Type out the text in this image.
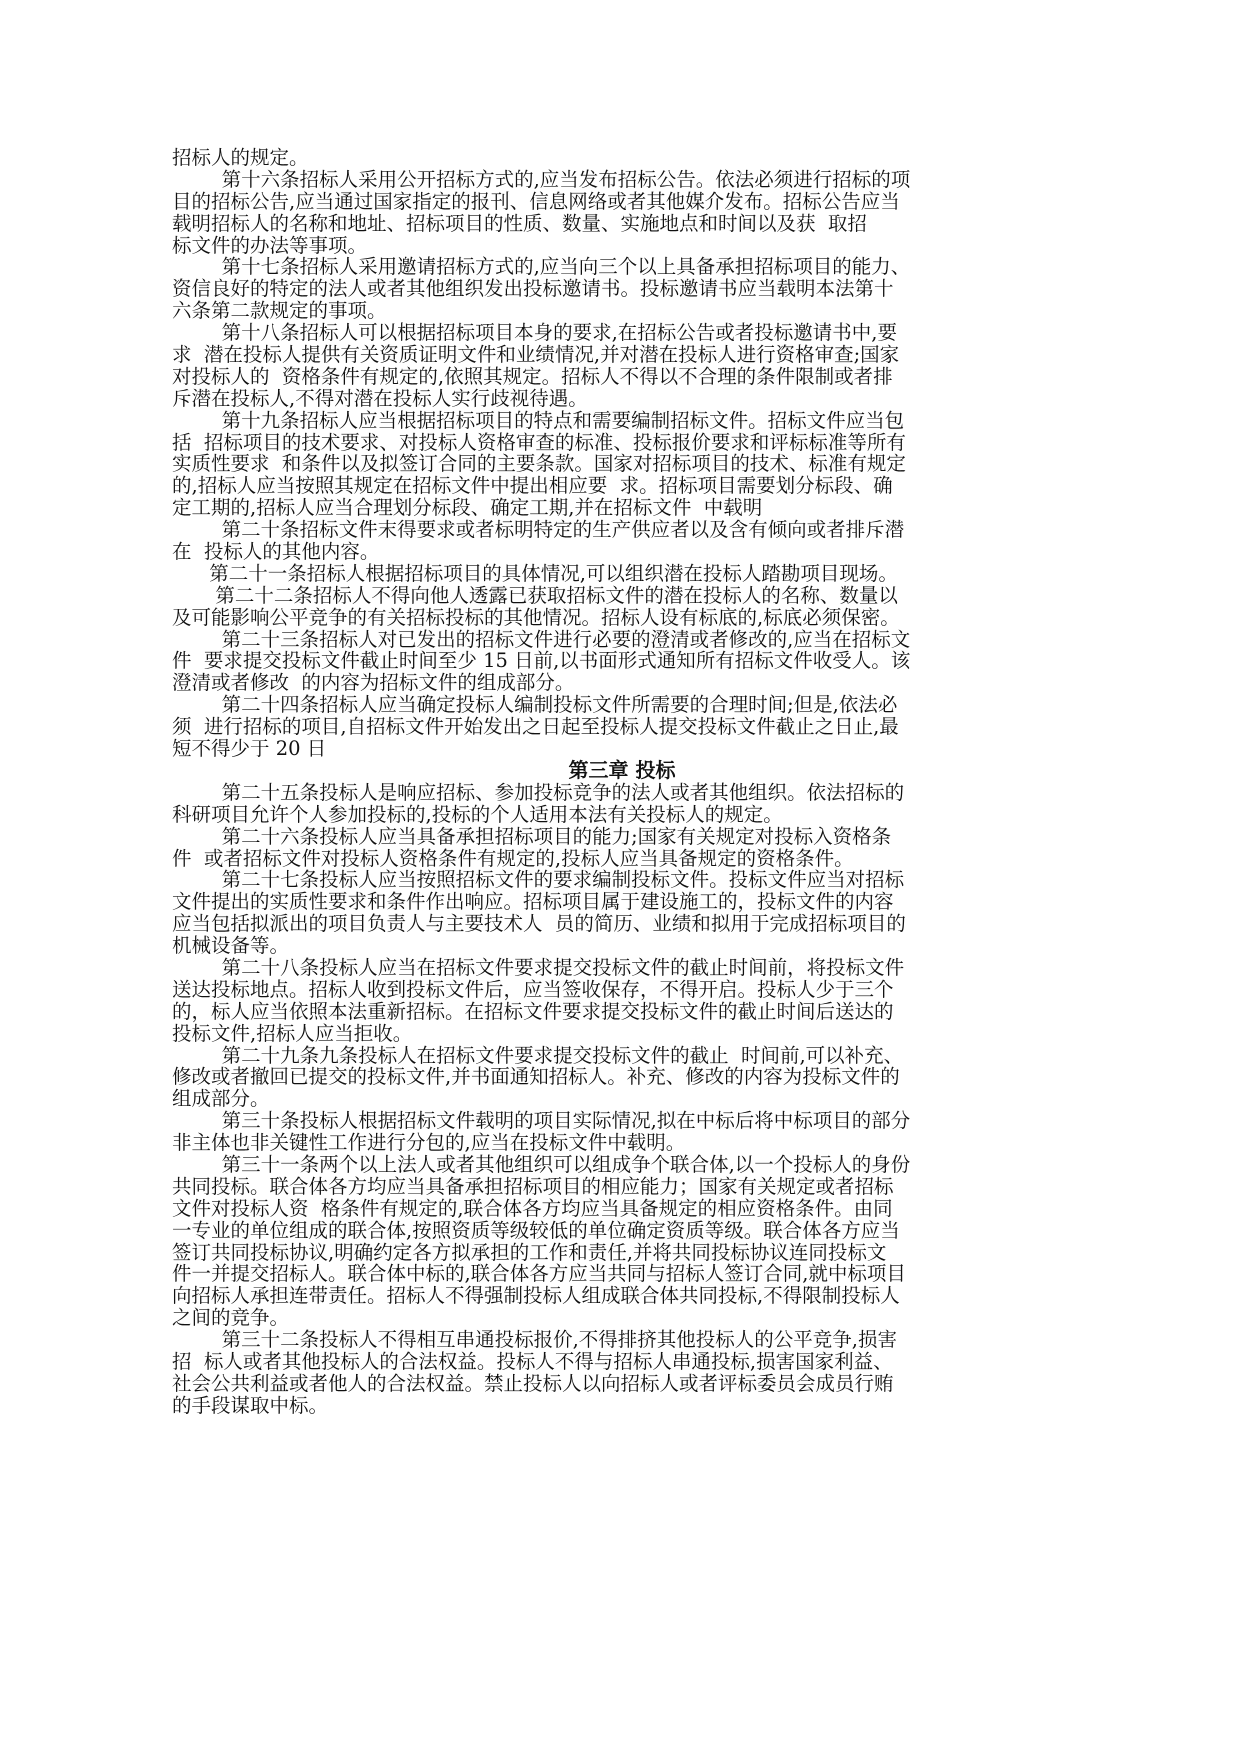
招标人的规定。
第十六条招标人采用公开招标方式的,应当发布招标公告。依法必须进行招标的项
目的招标公告,应当通过国家指定的报刊、信息网络或者其他媒介发布。招标公告应当
载明招标人的名称和地址、招标项目的性质、数量、实施地点和时间以及获  取招
标文件的办法等事项。
第十七条招标人采用邀请招标方式的,应当向三个以上具备承担招标项目的能力、
资信良好的特定的法人或者其他组织发出投标邀请书。投标邀请书应当载明本法第十
六条第二款规定的事项。
第十八条招标人可以根据招标项目本身的要求,在招标公告或者投标邀请书中,要
求  潜在投标人提供有关资质证明文件和业绩情况,并对潜在投标人进行资格审查;国家
对投标人的  资格条件有规定的,依照其规定。招标人不得以不合理的条件限制或者排
斥潜在投标人,不得对潜在投标人实行歧视待遇。
第十九条招标人应当根据招标项目的特点和需要编制招标文件。招标文件应当包
括  招标项目的技术要求、对投标人资格审查的标准、投标报价要求和评标标准等所有
实质性要求  和条件以及拟签订合同的主要条款。国家对招标项目的技术、标准有规定
的,招标人应当按照其规定在招标文件中提出相应要  求。招标项目需要划分标段、确
定工期的,招标人应当合理划分标段、确定工期,并在招标文件  中载明
第二十条招标文件末得要求或者标明特定的生产供应者以及含有倾向或者排斥潜
在  投标人的其他内容。
第二十一条招标人根据招标项目的具体情况,可以组织潜在投标人踏勘项目现场。
第二十二条招标人不得向他人透露已获取招标文件的潜在投标人的名称、数量以
及可能影响公平竞争的有关招标投标的其他情况。招标人设有标底的,标底必须保密。
第二十三条招标人对已发出的招标文件进行必要的澄清或者修改的,应当在招标文
件  要求提交投标文件截止时间至少 15 日前,以书面形式通知所有招标文件收受人。该
澄清或者修改  的内容为招标文件的组成部分。
第二十四条招标人应当确定投标人编制投标文件所需要的合理时间;但是,依法必
须  进行招标的项目,自招标文件开始发出之日起至投标人提交投标文件截止之日止,最
短不得少于 20 日
第三章 投标
第二十五条投标人是响应招标、参加投标竞争的法人或者其他组织。依法招标的
科研项目允许个人参加投标的,投标的个人适用本法有关投标人的规定。
第二十六条投标人应当具备承担招标项目的能力;国家有关规定对投标入资格条
件  或者招标文件对投标人资格条件有规定的,投标人应当具备规定的资格条件。
第二十七条投标人应当按照招标文件的要求编制投标文件。投标文件应当对招标
文件提出的实质性要求和条件作出响应。招标项目属于建设施工的，投标文件的内容
应当包括拟派出的项目负责人与主要技术人  员的简历、业绩和拟用于完成招标项目的
机械设备等。
第二十八条投标人应当在招标文件要求提交投标文件的截止时间前，将投标文件
送达投标地点。招标人收到投标文件后，应当签收保存，不得开启。投标人少于三个
的，标人应当依照本法重新招标。在招标文件要求提交投标文件的截止时间后送达的
投标文件,招标人应当拒收。
第二十九条九条投标人在招标文件要求提交投标文件的截止  时间前,可以补充、
修改或者撤回已提交的投标文件,并书面通知招标人。补充、修改的内容为投标文件的
组成部分。
第三十条投标人根据招标文件载明的项目实际情况,拟在中标后将中标项目的部分
非主体也非关键性工作进行分包的,应当在投标文件中载明。
第三十一条两个以上法人或者其他组织可以组成争个联合体,以一个投标人的身份
共同投标。联合体各方均应当具备承担招标项目的相应能力；国家有关规定或者招标
文件对投标人资  格条件有规定的,联合体各方均应当具备规定的相应资格条件。由同
一专业的单位组成的联合体,按照资质等级较低的单位确定资质等级。联合体各方应当
签订共同投标协议,明确约定各方拟承担的工作和责任,并将共同投标协议连同投标文
件一并提交招标人。联合体中标的,联合体各方应当共同与招标人签订合同,就中标项目
向招标人承担连带责任。招标人不得强制投标人组成联合体共同投标,不得限制投标人
之间的竞争。
第三十二条投标人不得相互串通投标报价,不得排挤其他投标人的公平竞争,损害
招  标人或者其他投标人的合法权益。投标人不得与招标人串通投标,损害国家利益、
社会公共利益或者他人的合法权益。禁止投标人以向招标人或者评标委员会成员行贿
的手段谋取中标。
